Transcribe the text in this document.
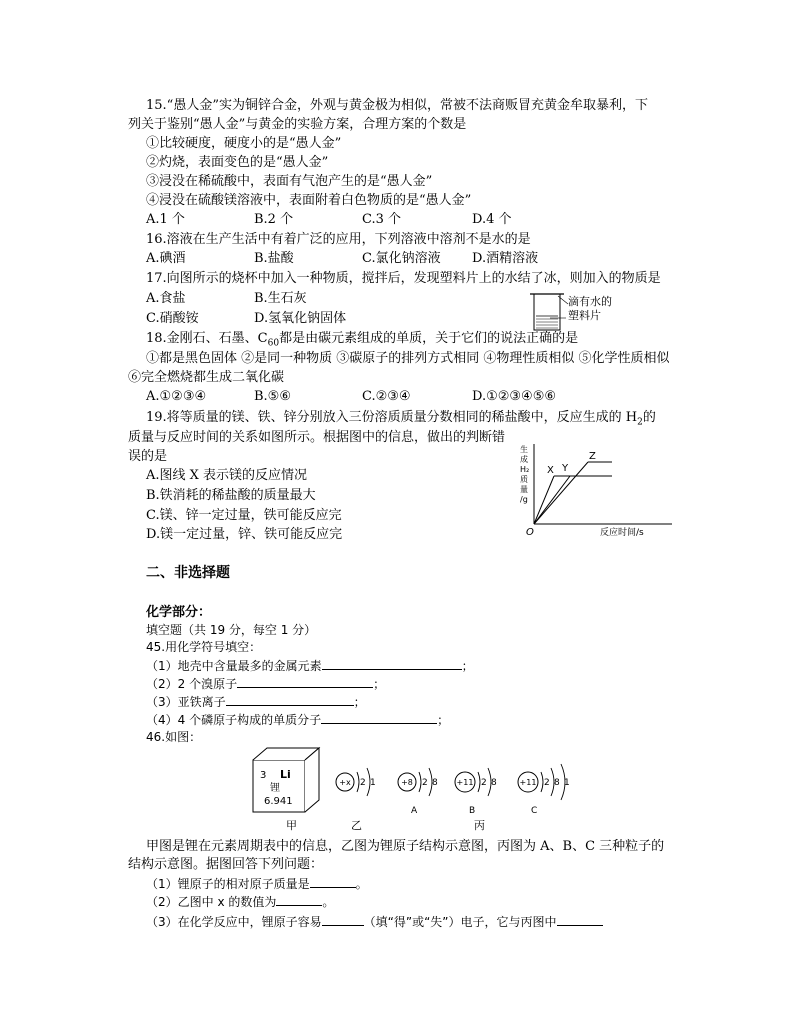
15.“愚人金”实为铜锌合金，外观与黄金极为相似，常被不法商贩冒充黄金牟取暴利，下
列关于鉴别“愚人金”与黄金的实验方案，合理方案的个数是
①比较硬度，硬度小的是“愚人金”
②灼烧，表面变色的是“愚人金”
③浸没在稀硫酸中，表面有气泡产生的是“愚人金”
④浸没在硫酸镁溶液中，表面附着白色物质的是“愚人金”
A.1 个	B.2 个	C.3 个	D.4 个
16.溶液在生产生活中有着广泛的应用，下列溶液中溶剂不是水的是
A.碘酒	B.盐酸	C.氯化钠溶液 D.酒精溶液
17.向图所示的烧杯中加入一种物质，搅拌后，发现塑料片上的水结了冰，则加入的物质是
A.食盐	B.生石灰
C.硝酸铵	D.氢氧化钠固体
滴有水的
塑料片
18.金刚石、石墨、$C_{60}$都是由碳元素组成的单质，关于它们的说法正确的是
①都是黑色固体 ②是同一种物质 ③碳原子的排列方式相同 ④物理性质相似 ⑤化学性质相似
⑥完全燃烧都生成二氧化碳
A.①②③④	B.⑤⑥	C.②③④	D.①②③④⑤⑥
19.将等质量的镁、铁、锌分别放入三份溶质质量分数相同的稀盐酸中，反应生成的 $H_2$的
质量与反应时间的关系如图所示。根据图中的信息，做出的判断错
误的是
A.图线 X 表示镁的反应情况
B.铁消耗的稀盐酸的质量最大
C.镁、锌一定过量，铁可能反应完
D.镁一定过量，锌、铁可能反应完
X Y
Z
O	反应时间/s
生
成
H₂
质
量
/g
二、非选择题
化学部分：
填空题（共 19 分，每空 1 分）
45.用化学符号填空：
（1）地壳中含量最多的金属元素	；
（2）2 个溴原子	；
（3）亚铁离子	；
（4）4 个磷原子构成的单质分子	；
46.如图：
3 Li
锂
6.941
+x 2 1	+8 2 8
A
+11 2 8
B
+11 2 8 1
C
甲	乙	丙
甲图是锂在元素周期表中的信息，乙图为锂原子结构示意图，丙图为 A、B、C 三种粒子的
结构示意图。据图回答下列问题：
（1）锂原子的相对原子质量是	。
（2）乙图中 x 的数值为	。
（3）在化学反应中，锂原子容易	（填“得”或“失”）电子，它与丙图中
